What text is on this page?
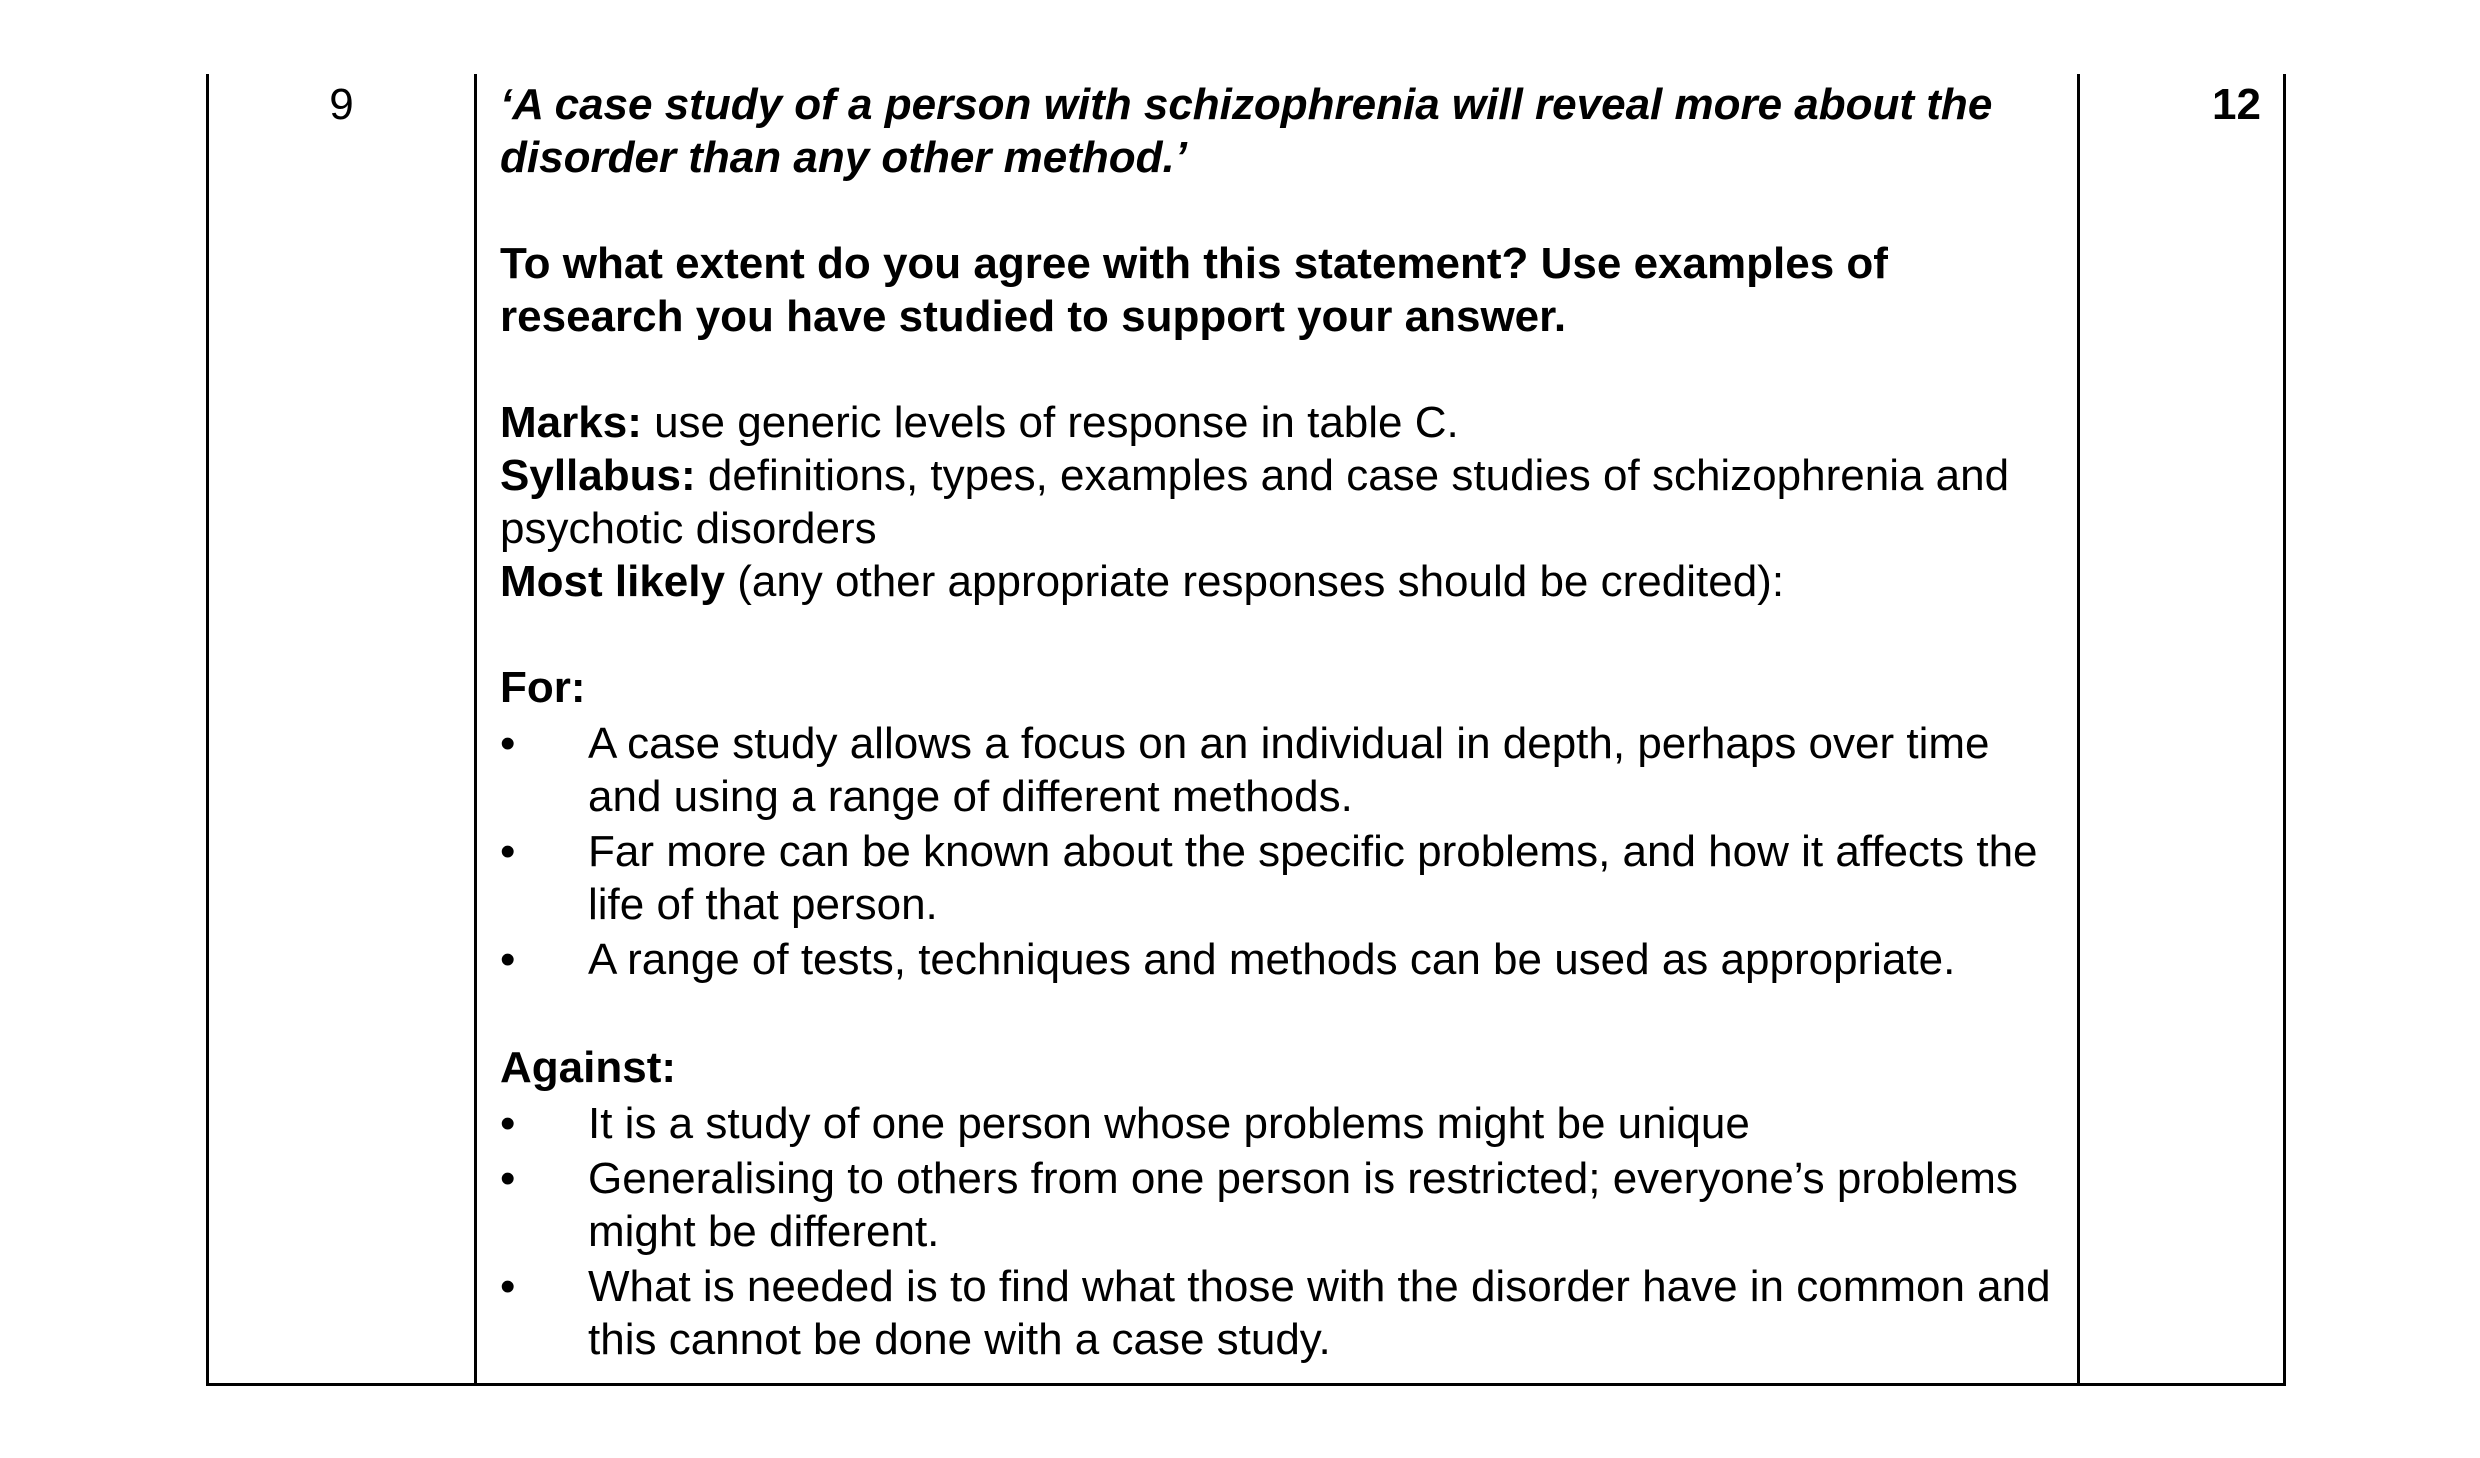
9	‘A case study of a person with schizophrenia will reveal more about the disorder than any other method.’

To what extent do you agree with this statement? Use examples of research you have studied to support your answer.

Marks: use generic levels of response in table C.

Syllabus: definitions, types, examples and case studies of schizophrenia and psychotic disorders

Most likely (any other appropriate responses should be credited):

For:

• A case study allows a focus on an individual in depth, perhaps over time and using a range of different methods.
• Far more can be known about the specific problems, and how it affects the life of that person.
• A range of tests, techniques and methods can be used as appropriate.

Against:

• It is a study of one person whose problems might be unique
• Generalising to others from one person is restricted; everyone’s problems might be different.
• What is needed is to find what those with the disorder have in common and this cannot be done with a case study.
12
